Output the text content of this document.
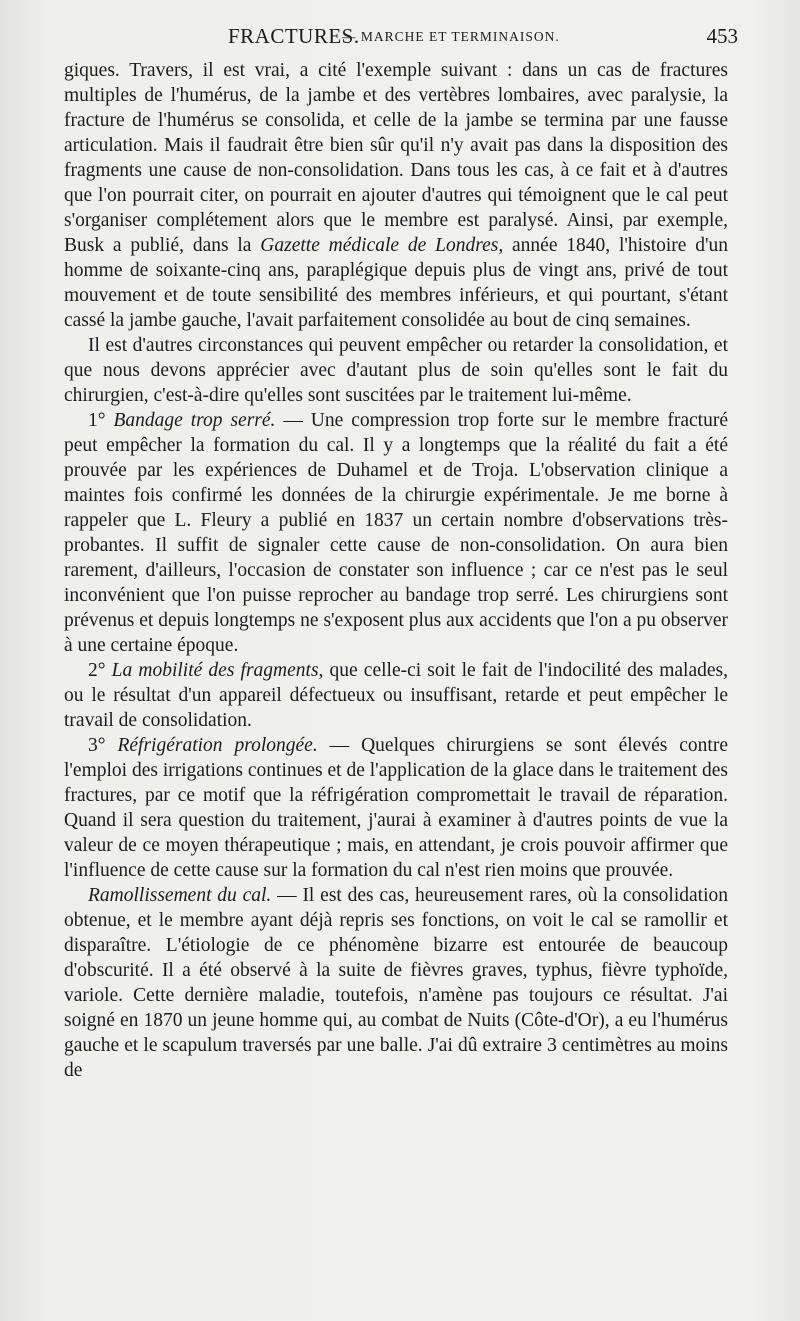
FRACTURES.
— MARCHE ET TERMINAISON.	453

giques. Travers, il est vrai, a cité l'exemple suivant : dans un cas de fractures multiples de l'humérus, de la jambe et des vertèbres lombaires, avec paralysie, la fracture de l'humérus se consolida, et celle de la jambe se termina par une fausse articulation. Mais il faudrait être bien sûr qu'il n'y avait pas dans la disposition des fragments une cause de non-consolidation. Dans tous les cas, à ce fait et à d'autres que l'on pourrait citer, on pourrait en ajouter d'autres qui témoignent que le cal peut s'organiser complétement alors que le membre est paralysé. Ainsi, par exemple, Busk a publié, dans la Gazette médicale de Londres, année 1840, l'histoire d'un homme de soixante-cinq ans, paraplégique depuis plus de vingt ans, privé de tout mouvement et de toute sensibilité des membres inférieurs, et qui pourtant, s'étant cassé la jambe gauche, l'avait parfaitement consolidée au bout de cinq semaines.

Il est d'autres circonstances qui peuvent empêcher ou retarder la consolidation, et que nous devons apprécier avec d'autant plus de soin qu'elles sont le fait du chirurgien, c'est-à-dire qu'elles sont suscitées par le traitement lui-même.

1° Bandage trop serré. — Une compression trop forte sur le membre fracturé peut empêcher la formation du cal. Il y a longtemps que la réalité du fait a été prouvée par les expériences de Duhamel et de Troja. L'observation clinique a maintes fois confirmé les données de la chirurgie expérimentale. Je me borne à rappeler que L. Fleury a publié en 1837 un certain nombre d'observations très-probantes. Il suffit de signaler cette cause de non-consolidation. On aura bien rarement, d'ailleurs, l'occasion de constater son influence ; car ce n'est pas le seul inconvénient que l'on puisse reprocher au bandage trop serré. Les chirurgiens sont prévenus et depuis longtemps ne s'exposent plus aux accidents que l'on a pu observer à une certaine époque.

2° La mobilité des fragments, que celle-ci soit le fait de l'indocilité des malades, ou le résultat d'un appareil défectueux ou insuffisant, retarde et peut empêcher le travail de consolidation.

3° Réfrigération prolongée. — Quelques chirurgiens se sont élevés contre l'emploi des irrigations continues et de l'application de la glace dans le traitement des fractures, par ce motif que la réfrigération compromettait le travail de réparation. Quand il sera question du traitement, j'aurai à examiner à d'autres points de vue la valeur de ce moyen thérapeutique ; mais, en attendant, je crois pouvoir affirmer que l'influence de cette cause sur la formation du cal n'est rien moins que prouvée.

Ramollissement du cal. — Il est des cas, heureusement rares, où la consolidation obtenue, et le membre ayant déjà repris ses fonctions, on voit le cal se ramollir et disparaître. L'étiologie de ce phénomène bizarre est entourée de beaucoup d'obscurité. Il a été observé à la suite de fièvres graves, typhus, fièvre typhoïde, variole. Cette dernière maladie, toutefois, n'amène pas toujours ce résultat. J'ai soigné en 1870 un jeune homme qui, au combat de Nuits (Côte-d'Or), a eu l'humérus gauche et le scapulum traversés par une balle. J'ai dû extraire 3 centimètres au moins de
